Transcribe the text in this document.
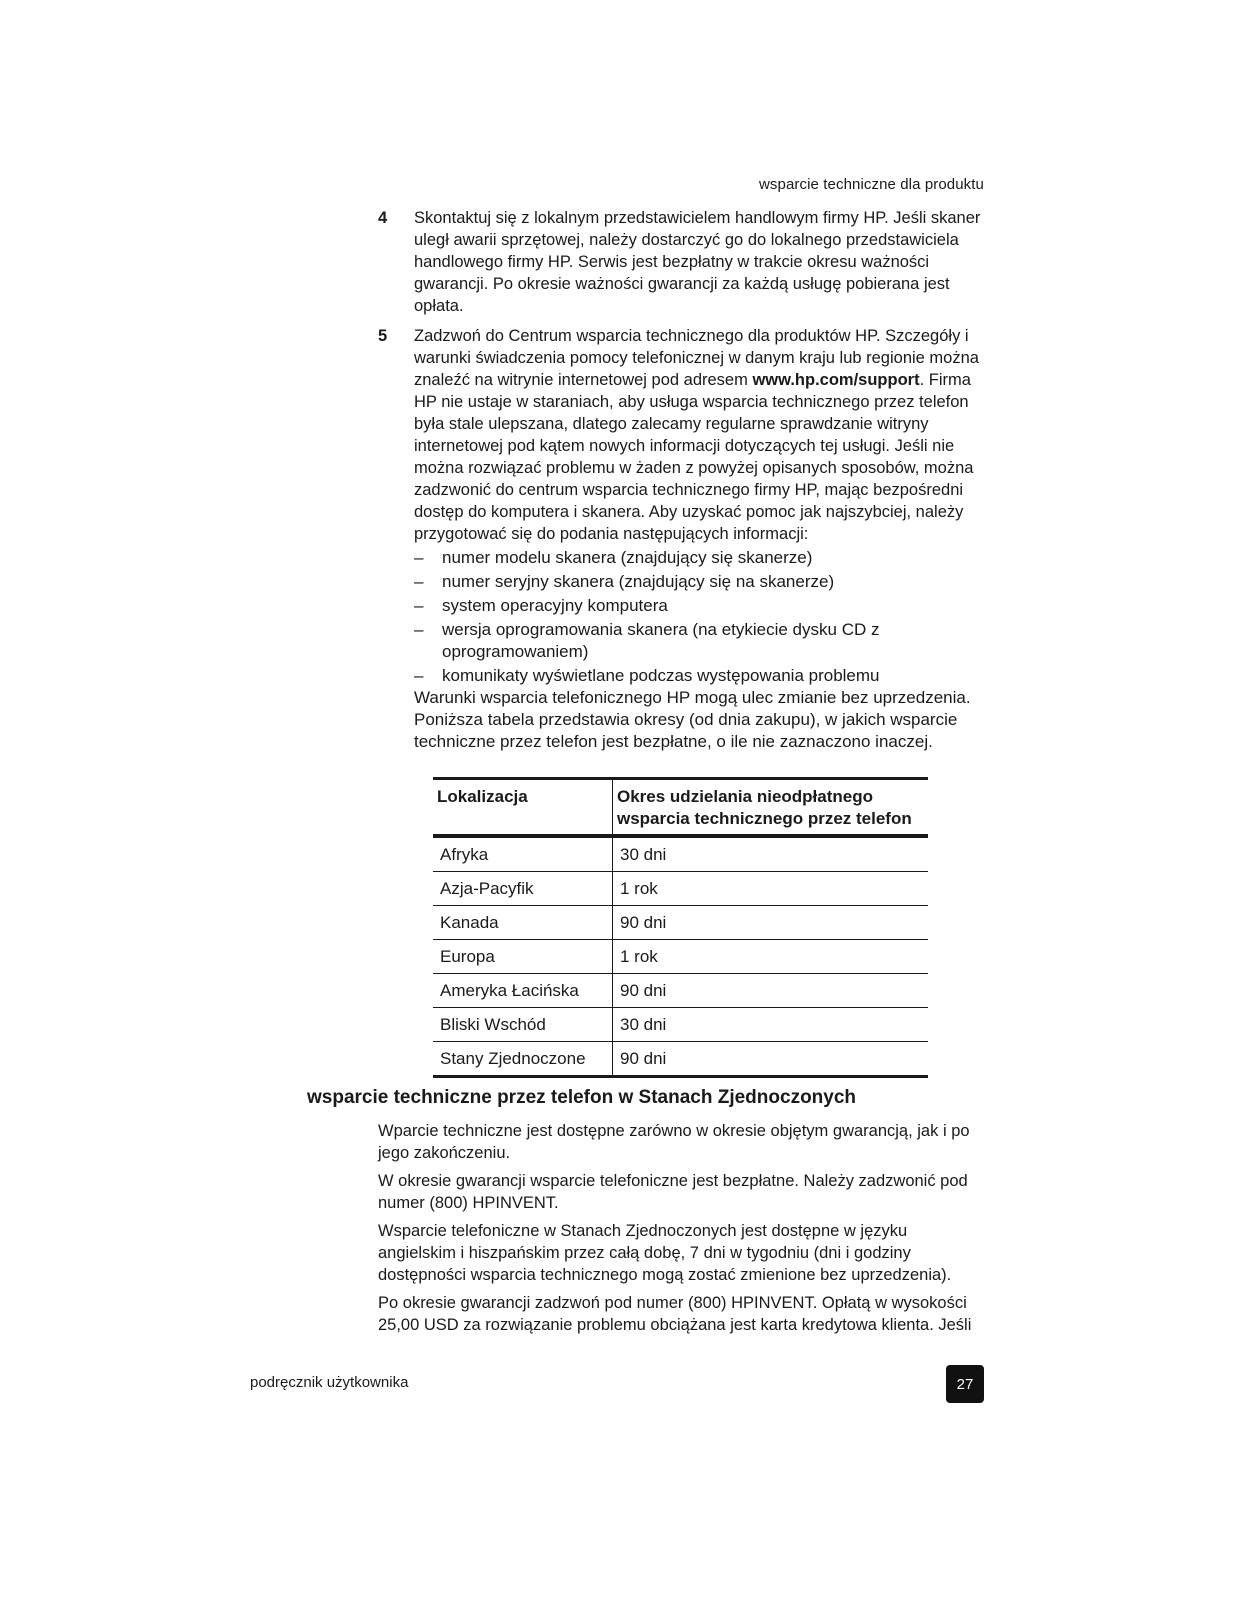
wsparcie techniczne dla produktu
4 Skontaktuj się z lokalnym przedstawicielem handlowym firmy HP. Jeśli skaner uległ awarii sprzętowej, należy dostarczyć go do lokalnego przedstawiciela handlowego firmy HP. Serwis jest bezpłatny w trakcie okresu ważności gwarancji. Po okresie ważności gwarancji za każdą usługę pobierana jest opłata.

5 Zadzwoń do Centrum wsparcia technicznego dla produktów HP. Szczegóły i warunki świadczenia pomocy telefonicznej w danym kraju lub regionie można znaleźć na witrynie internetowej pod adresem www.hp.com/support. Firma HP nie ustaje w staraniach, aby usługa wsparcia technicznego przez telefon była stale ulepszana, dlatego zalecamy regularne sprawdzanie witryny internetowej pod kątem nowych informacji dotyczących tej usługi. Jeśli nie można rozwiązać problemu w żaden z powyżej opisanych sposobów, można zadzwonić do centrum wsparcia technicznego firmy HP, mając bezpośredni dostęp do komputera i skanera. Aby uzyskać pomoc jak najszybciej, należy przygotować się do podania następujących informacji:

– numer modelu skanera (znajdujący się skanerze)
– numer seryjny skanera (znajdujący się na skanerze)
– system operacyjny komputera
– wersja oprogramowania skanera (na etykiecie dysku CD z oprogramowaniem)
– komunikaty wyświetlane podczas występowania problemu

Warunki wsparcia telefonicznego HP mogą ulec zmianie bez uprzedzenia.

Poniższa tabela przedstawia okresy (od dnia zakupu), w jakich wsparcie techniczne przez telefon jest bezpłatne, o ile nie zaznaczono inaczej.

Lokalizacja	Okres udzielania nieodpłatnego wsparcia technicznego przez telefon
Afryka	30 dni
Azja-Pacyfik	1 rok
Kanada	90 dni
Europa	1 rok
Ameryka Łacińska	90 dni
Bliski Wschód	30 dni
Stany Zjednoczone	90 dni
wsparcie techniczne przez telefon w Stanach Zjednoczonych

Wparcie techniczne jest dostępne zarówno w okresie objętym gwarancją, jak i po jego zakończeniu.

W okresie gwarancji wsparcie telefoniczne jest bezpłatne. Należy zadzwonić pod numer (800) HPINVENT.

Wsparcie telefoniczne w Stanach Zjednoczonych jest dostępne w języku angielskim i hiszpańskim przez całą dobę, 7 dni w tygodniu (dni i godziny dostępności wsparcia technicznego mogą zostać zmienione bez uprzedzenia).

Po okresie gwarancji zadzwoń pod numer (800) HPINVENT. Opłatą w wysokości 25,00 USD za rozwiązanie problemu obciążana jest karta kredytowa klienta. Jeśli

podręcznik użytkownika	27
